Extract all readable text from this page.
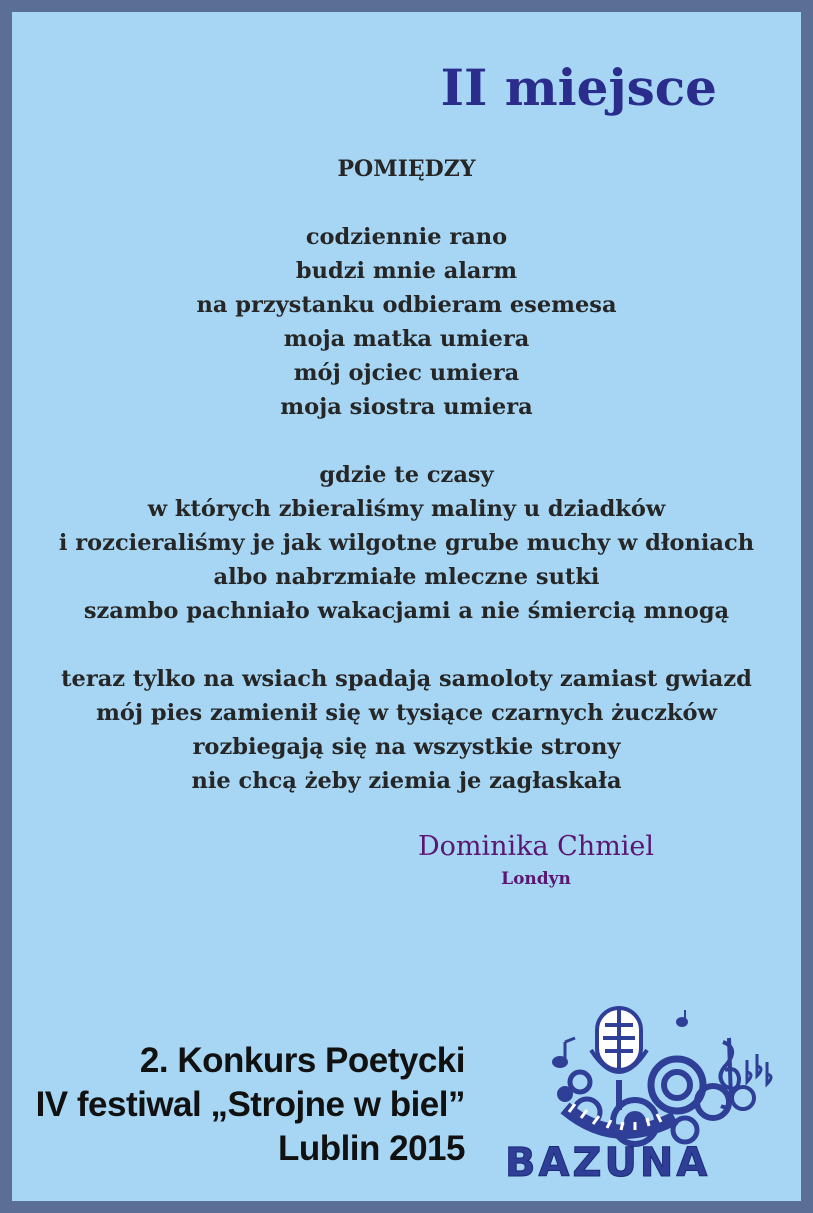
II miejsce
POMIĘDZY
codziennie rano
budzi mnie alarm
na przystanku odbieram esemesa
moja matka umiera
mój ojciec umiera
moja siostra umiera
gdzie te czasy
w których zbieraliśmy maliny u dziadków
i rozcieraliśmy je jak wilgotne grube muchy w dłoniach
albo nabrzmiałe mleczne sutki
szambo pachniało wakacjami a nie śmiercią mnogą
teraz tylko na wsiach spadają samoloty zamiast gwiazd
mój pies zamienił się w tysiące czarnych żuczków
rozbiegają się na wszystkie strony
nie chcą żeby ziemia je zagłaskała
Dominika Chmiel
Londyn
2. Konkurs Poetycki
IV festiwal „Strojne w biel”
Lublin 2015 BAZUNA
